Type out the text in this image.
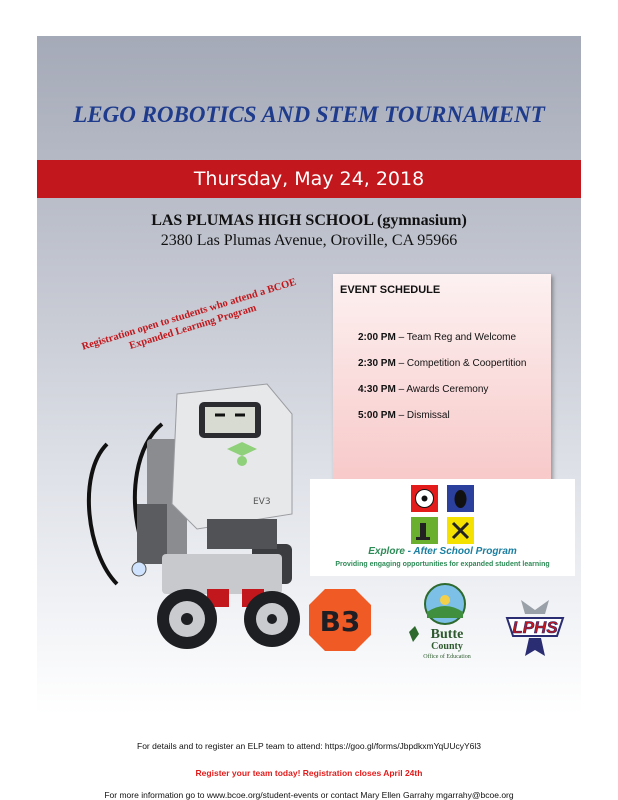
LEGO ROBOTICS AND STEM TOURNAMENT
Thursday, May 24, 2018
LAS PLUMAS HIGH SCHOOL (gymnasium)
2380 Las Plumas Avenue, Oroville, CA 95966
EVENT SCHEDULE
2:00 PM – Team Reg and Welcome
2:30 PM – Competition & Coopertition
4:30 PM – Awards Ceremony
5:00 PM – Dismissal
Registration open to students who attend a BCOE Expanded Learning Program
EV3
Explore - After School Program
Providing engaging opportunities for expanded student learning
B3	Butte
County
Office of Education
LPHS
For details and to register an ELP team to attend: https://goo.gl/forms/JbpdkxmYqUUcyY6l3
Register your team today! Registration closes April 24th
For more information go to www.bcoe.org/student-events or contact Mary Ellen Garrahy mgarrahy@bcoe.org
